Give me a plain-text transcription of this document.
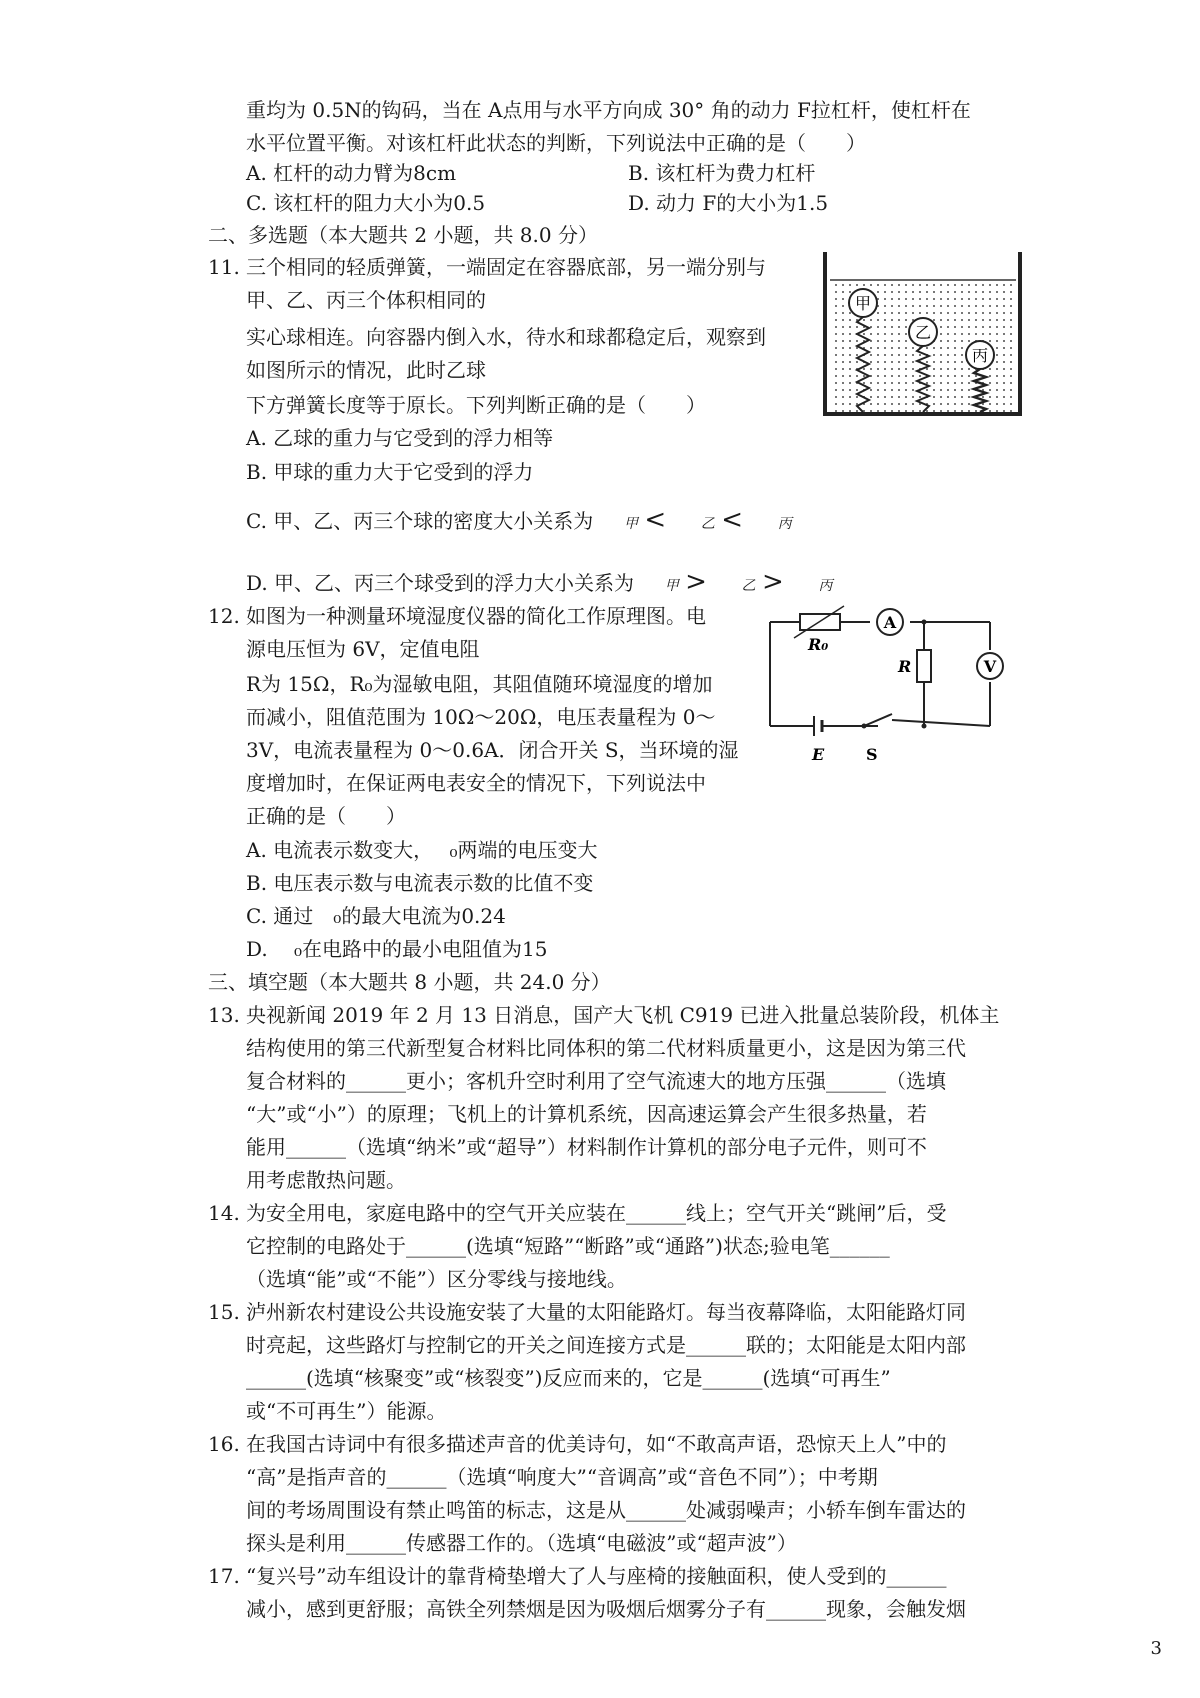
重均为 0.5N的钩码，当在 A点用与水平方向成 30° 角的动力 F拉杠杆，使杠杆在
水平位置平衡。对该杠杆此状态的判断，下列说法中正确的是（　　）
A. 杠杆的动力臂为8cm	B. 该杠杆为费力杠杆
C. 该杠杆的阻力大小为0.5	D. 动力 F的大小为1.5
二、多选题（本大题共 2 小题，共 8.0 分）
11. 三个相同的轻质弹簧，一端固定在容器底部，另一端分别与
甲、乙、丙三个体积相同的
实心球相连。向容器内倒入水，待水和球都稳定后，观察到
如图所示的情况，此时乙球
下方弹簧长度等于原长。下列判断正确的是（　　）
A. 乙球的重力与它受到的浮力相等
B. 甲球的重力大于它受到的浮力
C. 甲、乙、丙三个球的密度大小关系为 甲 < 乙 < 丙
D. 甲、乙、丙三个球受到的浮力大小关系为 甲 > 乙 > 丙
甲
乙
丙
12. 如图为一种测量环境湿度仪器的简化工作原理图。电
源电压恒为 6V，定值电阻
R为 15Ω，R₀为湿敏电阻，其阻值随环境湿度的增加
而减小，阻值范围为 10Ω～20Ω，电压表量程为 0～
3V，电流表量程为 0～0.6A．闭合开关 S，当环境的湿
度增加时，在保证两电表安全的情况下，下列说法中
正确的是（　　）
A. 电流表示数变大，　 ₀两端的电压变大
B. 电压表示数与电流表示数的比值不变
C. 通过　₀的最大电流为0.24
D. 　₀在电路中的最小电阻值为15
R₀
A
R	V
E	S
三、填空题（本大题共 8 小题，共 24.0 分）
13. 央视新闻 2019 年 2 月 13 日消息，国产大飞机 C919 已进入批量总装阶段，机体主
结构使用的第三代新型复合材料比同体积的第二代材料质量更小，这是因为第三代
复合材料的______更小；客机升空时利用了空气流速大的地方压强______（选填
“大”或“小”）的原理；飞机上的计算机系统，因高速运算会产生很多热量，若
能用______（选填“纳米”或“超导”）材料制作计算机的部分电子元件，则可不
用考虑散热问题。
14. 为安全用电，家庭电路中的空气开关应装在______线上；空气开关“跳闸”后，受
它控制的电路处于______(选填“短路”“断路”或“通路”)状态;验电笔______
（选填“能”或“不能”）区分零线与接地线。
15. 泸州新农村建设公共设施安装了大量的太阳能路灯。每当夜幕降临，太阳能路灯同
时亮起，这些路灯与控制它的开关之间连接方式是______联的；太阳能是太阳内部
______(选填“核聚变”或“核裂变”)反应而来的，它是______(选填“可再生”
或“不可再生”）能源。
16. 在我国古诗词中有很多描述声音的优美诗句，如“不敢高声语，恐惊天上人”中的
“高”是指声音的______（选填“响度大”“音调高”或“音色不同”）；中考期
间的考场周围设有禁止鸣笛的标志，这是从______处减弱噪声；小轿车倒车雷达的
探头是利用______传感器工作的。（选填“电磁波”或“超声波”）
17. “复兴号”动车组设计的靠背椅垫增大了人与座椅的接触面积，使人受到的______
减小，感到更舒服；高铁全列禁烟是因为吸烟后烟雾分子有______现象，会触发烟
3
